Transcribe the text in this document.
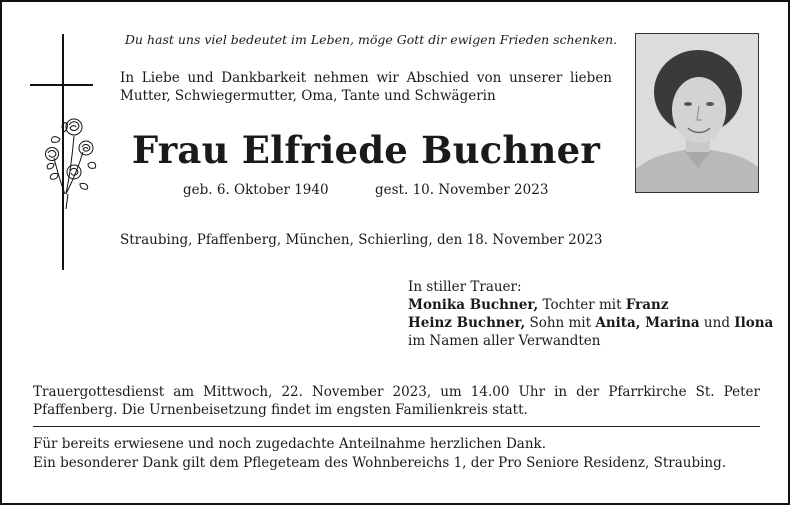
Du hast uns viel bedeutet im Leben, möge Gott dir ewigen Frieden schenken.
In Liebe und Dankbarkeit nehmen wir Abschied von unserer lieben Mutter, Schwiegermutter, Oma, Tante und Schwägerin
Frau Elfriede Buchner
geb. 6. Oktober 1940	gest. 10. November 2023
Straubing, Pfaffenberg, München, Schierling, den 18. November 2023
In stiller Trauer:
Monika Buchner, Tochter mit Franz
Heinz Buchner, Sohn mit Anita, Marina und Ilona
im Namen aller Verwandten
Trauergottesdienst am Mittwoch, 22. November 2023, um 14.00 Uhr in der Pfarrkirche St. Peter Pfaffenberg. Die Urnenbeisetzung findet im engsten Familienkreis statt.
Für bereits erwiesene und noch zugedachte Anteilnahme herzlichen Dank.
Ein besonderer Dank gilt dem Pflegeteam des Wohnbereichs 1, der Pro Seniore Residenz, Straubing.
